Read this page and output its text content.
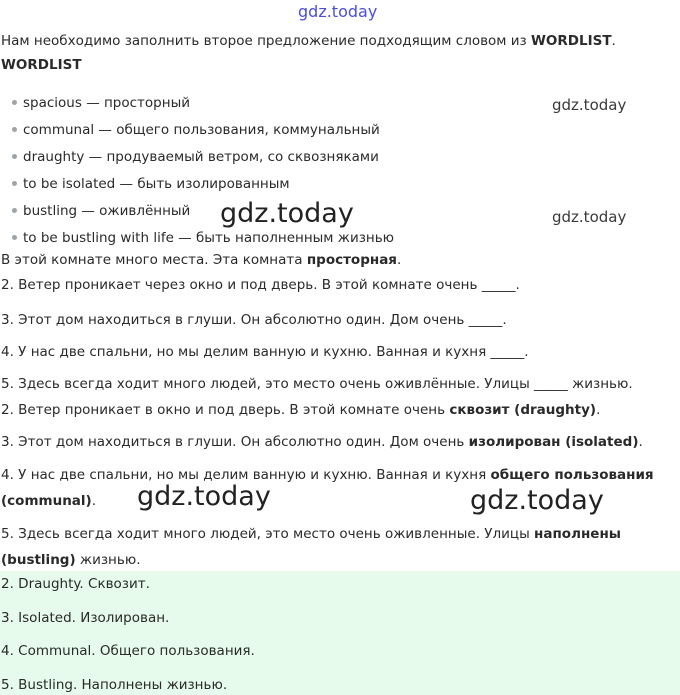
gdz.today
gdz.today
Нам необходимо заполнить второе предложение подходящим словом из WORDLIST.
WORDLIST
spacious — просторный
communal — общего пользования, коммунальный
draughty — продуваемый ветром, со сквозняками
to be isolated — быть изолированным
bustling — оживлённый
to be bustling with life — быть наполненным жизнью
gdz.today	gdz.today
В этой комнате много места. Эта комната просторная.
2. Ветер проникает через окно и под дверь. В этой комнате очень _____.
3. Этот дом находиться в глуши. Он абсолютно один. Дом очень _____.
4. У нас две спальни, но мы делим ванную и кухню. Ванная и кухня _____.
5. Здесь всегда ходит много людей, это место очень оживлённые. Улицы _____ жизнью.
2. Ветер проникает в окно и под дверь. В этой комнате очень сквозит (draughty).
3. Этот дом находиться в глуши. Он абсолютно один. Дом очень изолирован (isolated).
4. У нас две спальни, но мы делим ванную и кухню. Ванная и кухня общего пользования
(communal). gdz.today	gdz.today
5. Здесь всегда ходит много людей, это место очень оживленные. Улицы наполнены
(bustling) жизнью.
2. Draughty. Сквозит.
3. Isolated. Изолирован.
4. Communal. Общего пользования.
5. Bustling. Наполнены жизнью.
